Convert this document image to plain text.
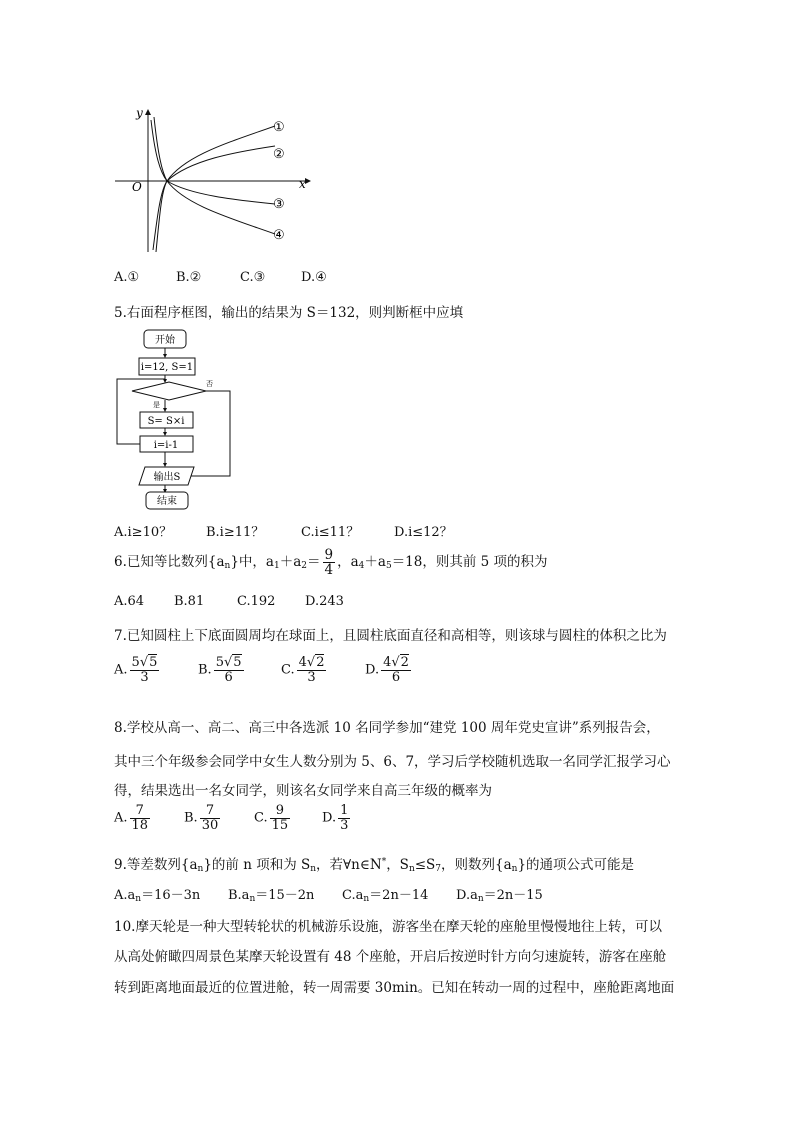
y
x
O
①
②
③
④
A.①	B.②	C.③	D.④
5.右面程序框图，输出的结果为 S＝132，则判断框中应填
开始
i=12, S=1
否
是
S= S×i
i=i-1
输出S
结束
A.i≥10？	B.i≥11？	C.i≤11？	D.i≤12？
6.已知等比数列$\{a_n\}$中，$a_1+a_2= \frac{9}{4}$ ，$a_4+a_5=18$，则其前 5 项的积为
A.64 B.81	C.192 D.243
7.已知圆柱上下底面圆周均在球面上，且圆柱底面直径和高相等，则该球与圆柱的体积之比为
A. $\frac{5√5}{3}$	B. $\frac{5√5}{6}$	C. $\frac{4√2}{3}$	D. $\frac{4√2}{6}$
8.学校从高一、高二、高三中各选派 10 名同学参加“建党 100 周年党史宣讲”系列报告会，
其中三个年级参会同学中女生人数分别为 5、6、7，学习后学校随机选取一名同学汇报学习心
得，结果选出一名女同学，则该名女同学来自高三年级的概率为
A. $\frac{7}{18}$	B. $\frac{7}{30}$	C. $\frac{9}{15} D$. $\frac{1}{3}$
9.等差数列$\{a_n\}$的前 n 项和为 $S_n$，若∀n∈N*，$S_n\le S_7$，则数列$\{a_n\}$的通项公式可能是
$A.a_n=16-3n$ $B.a_n=15-2n$ $C.a_n=2n-14$ $D.a_n=2n-15$
10.摩天轮是一种大型转轮状的机械游乐设施，游客坐在摩天轮的座舱里慢慢地往上转，可以
从高处俯瞰四周景色某摩天轮设置有 48 个座舱，开启后按逆时针方向匀速旋转，游客在座舱
转到距离地面最近的位置进舱，转一周需要 30min。已知在转动一周的过程中，座舱距离地面
